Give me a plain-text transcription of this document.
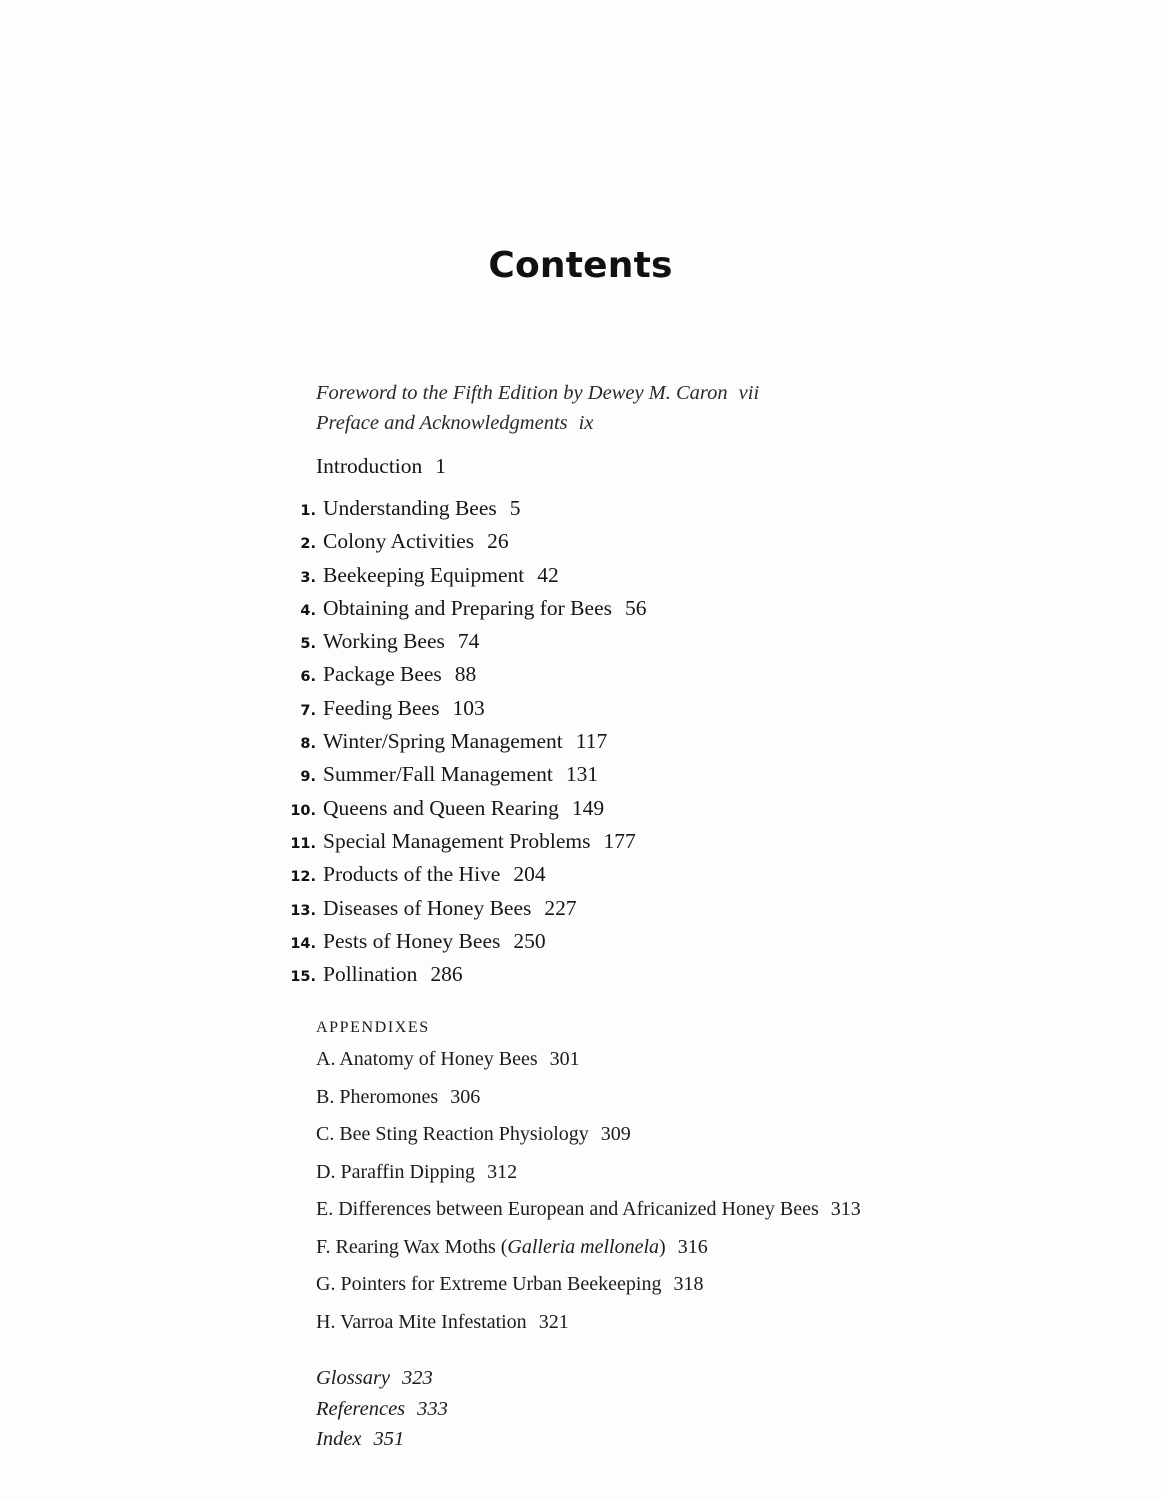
Contents
Foreword to the Fifth Edition by Dewey M. Caron vii
Preface and Acknowledgments ix
Introduction 1
1. Understanding Bees 5
2. Colony Activities 26
3. Beekeeping Equipment 42
4. Obtaining and Preparing for Bees 56
5. Working Bees 74
6. Package Bees 88
7. Feeding Bees 103
8. Winter/Spring Management 117
9. Summer/Fall Management 131
10. Queens and Queen Rearing 149
11. Special Management Problems 177
12. Products of the Hive 204
13. Diseases of Honey Bees 227
14. Pests of Honey Bees 250
15. Pollination 286
APPENDIXES
A. Anatomy of Honey Bees 301
B. Pheromones 306
C. Bee Sting Reaction Physiology 309
D. Paraffin Dipping 312
E. Differences between European and Africanized Honey Bees 313
F. Rearing Wax Moths (Galleria mellonela) 316
G. Pointers for Extreme Urban Beekeeping 318
H. Varroa Mite Infestation 321
Glossary 323
References 333
Index 351
